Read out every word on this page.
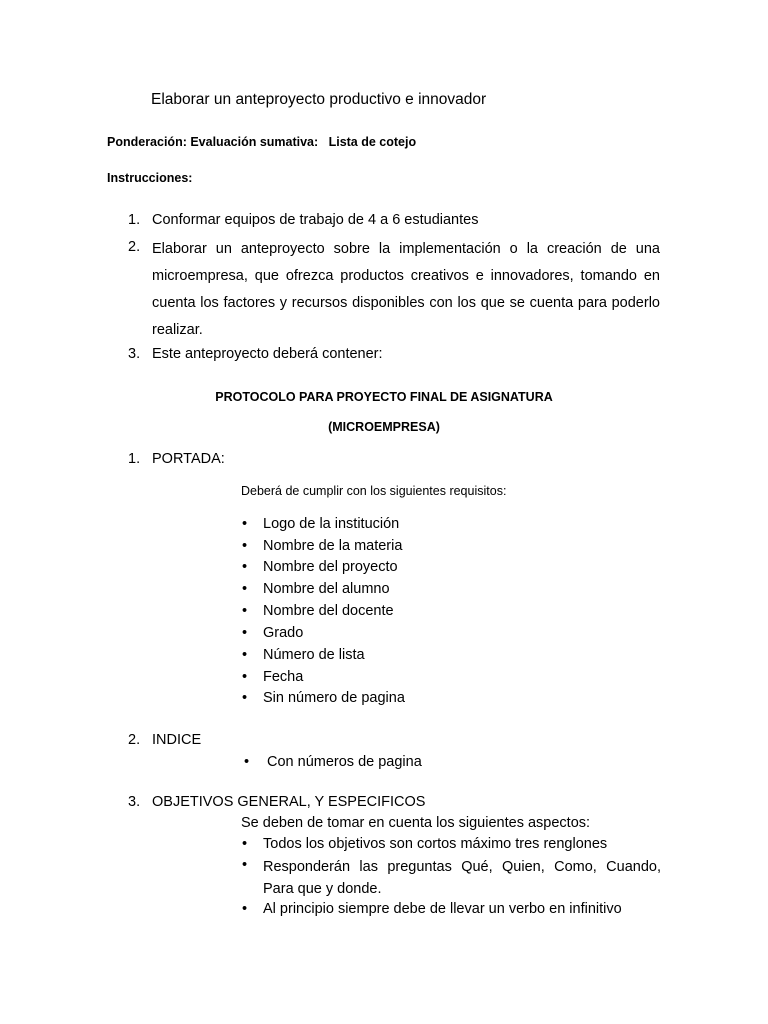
Elaborar un anteproyecto productivo e innovador
Ponderación: Evaluación sumativa:   Lista de cotejo
Instrucciones:
1. Conformar equipos de trabajo de 4 a 6 estudiantes
2. Elaborar un anteproyecto sobre la implementación o la creación de una microempresa, que ofrezca productos creativos e innovadores, tomando en cuenta los factores y recursos disponibles con los que se cuenta para poderlo realizar.
3. Este anteproyecto deberá contener:
PROTOCOLO PARA PROYECTO FINAL DE ASIGNATURA
(MICROEMPRESA)
1. PORTADA:
Deberá de cumplir con los siguientes requisitos:
• Logo de la institución
• Nombre de la materia
• Nombre del proyecto
• Nombre del alumno
• Nombre del docente
• Grado
• Número de lista
• Fecha
• Sin número de pagina
2. INDICE
• Con números de pagina
3. OBJETIVOS GENERAL, Y ESPECIFICOS
Se deben de tomar en cuenta los siguientes aspectos:
• Todos los objetivos son cortos máximo tres renglones
• Responderán las preguntas Qué, Quien, Como, Cuando, Para que y donde.
• Al principio siempre debe de llevar un verbo en infinitivo
